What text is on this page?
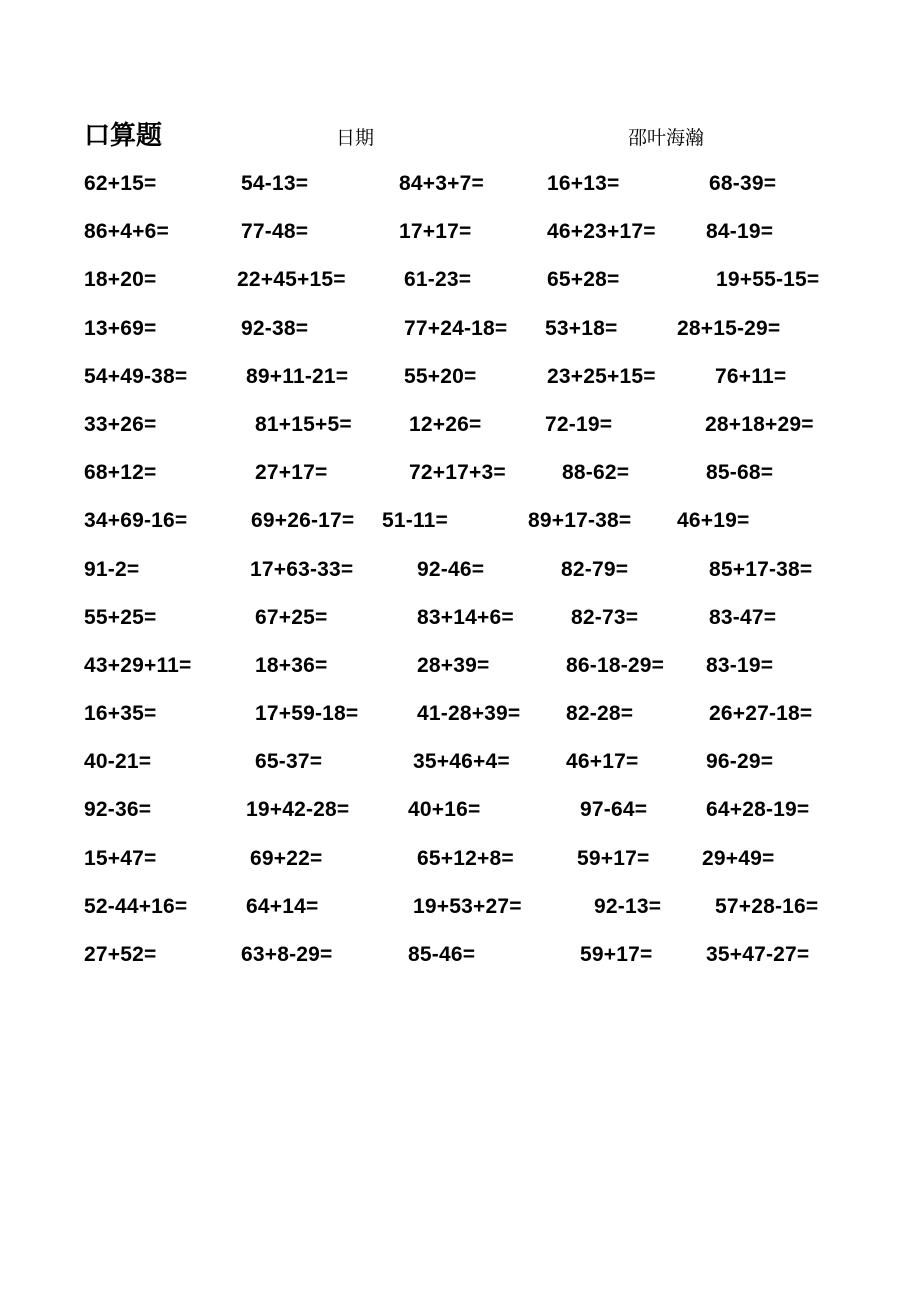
口算题	日期	邵叶海瀚
62+15=	54-13=	84+3+7=	16+13=	68-39=
86+4+6=	77-48=	17+17=	46+23+17= 84-19=
18+20=	22+45+15=	61-23=	65+28=	19+55-15=
13+69=	92-38=	77+24-18= 53+18=	28+15-29=
54+49-38=	89+11-21=	55+20=	23+25+15=	76+11=
33+26=	81+15+5=	12+26=	72-19=	28+18+29=
68+12=	27+17=	72+17+3=	88-62=	85-68=
34+69-16=	69+26-17= 51-11=	89+17-38= 46+19=
91-2=	17+63-33=	92-46=	82-79=	85+17-38=
55+25=	67+25=	83+14+6=	82-73=	83-47=
43+29+11=	18+36=	28+39=	86-18-29= 83-19=
16+35=	17+59-18=	41-28+39= 82-28=	26+27-18=
40-21=	65-37=	35+46+4=	46+17=	96-29=
92-36=	19+42-28=	40+16=	97-64=	64+28-19=
15+47=	69+22=	65+12+8=	59+17=	29+49=
52-44+16=	64+14=	19+53+27=	92-13=	57+28-16=
27+52=	63+8-29=	85-46=	59+17=	35+47-27=
